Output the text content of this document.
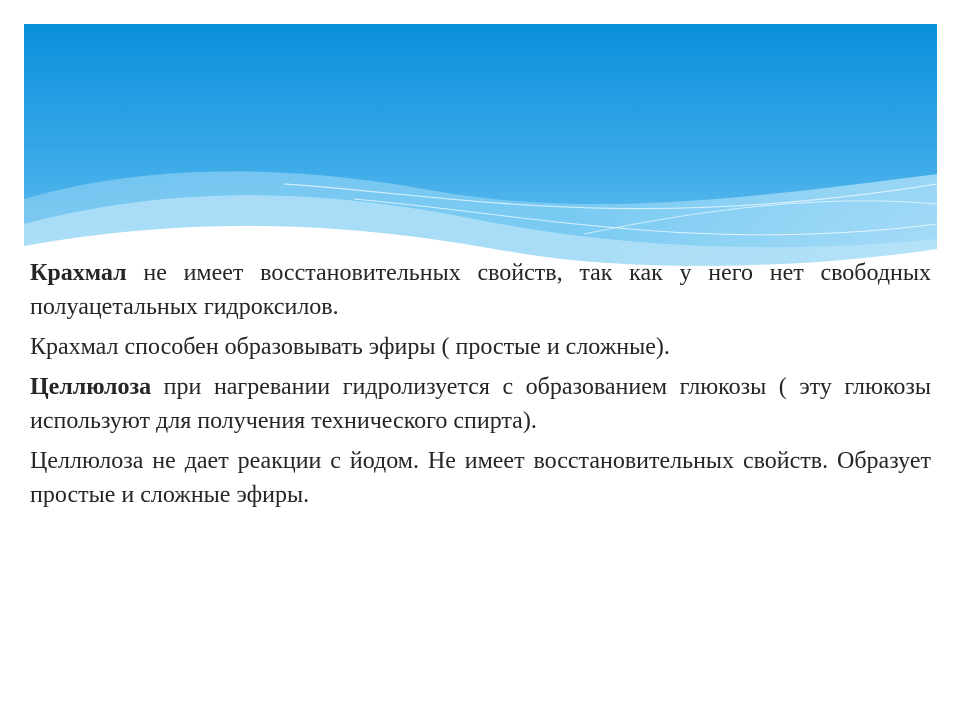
Крахмал не имеет восстановительных свойств, так как у него нет свободных полуацетальных гидроксилов.

Крахмал способен образовывать эфиры ( простые и сложные).

Целлюлоза при нагревании гидролизуется с образованием глюкозы ( эту глюкозы используют для получения технического спирта).

Целлюлоза не дает реакции с йодом. Не имеет восстановительных свойств. Образует простые и сложные эфиры.
